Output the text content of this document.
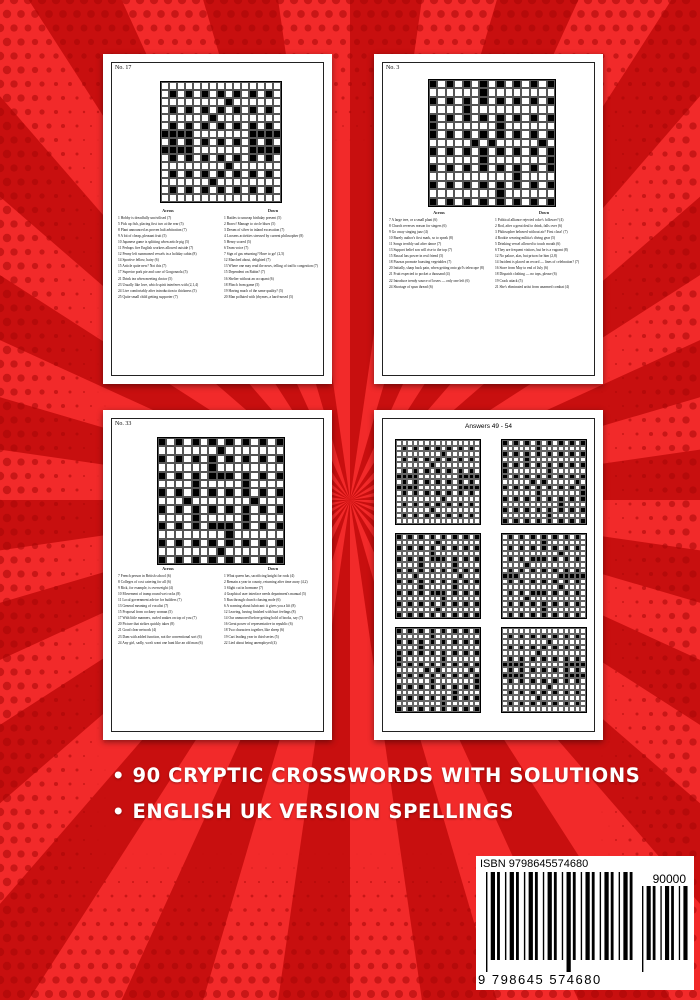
No. 17
Across
1 Hobby is dreadfully uncivilised (7)
5 Pick up fish, placing first two at the rear (5)
8 Plant announced as proven halt arbitration (7)
9 A bit of cheap, pleasant fruit (5)
10 Japanese game is splitting when article pig (5)
11 Perhaps five English workers allowed outside (7)
12 Penny left summoned vessels in a holiday cabin (8)
14 Sportive fellow, hairy (6)
15 Article quite new? Not this (7)
17 Superior pork pie and case of Gorgonzola (5)
21 Drink tea when meeting doctor (5)
23 Usually like love, which spirit interferes with (2,1,4)
24 Live comfortably after introduction to thickness (5)
25 Quite small child getting supporter (7)
Down
1 Battles to unwrap birthday present (5)
2 Bravo! Manage to circle blues (5)
3 Dream of silver in inland excavation (7)
4 Loosens activities stressed by current philosopher (8)
5 Henry scored (5)
6 Team voice (7)
7 Sign of gas returning? Have to go! (2,5)
12 Marched about, delighted (7)
13 Where one may read the news, telling of traffic congestion (7)
15 Dependent on Rubin? (7)
16 Shelter without an occupant (6)
18 Flinch from game (5)
19 Having much of the same quality? (5)
20 Man polluted with (rhymes, a hard-nosed (5)
No. 3
Across
7 A large tree, or a small plant (6)
8 Church reverses reason for singers (6)
9 Go away singing jazz (4)
10 Barely author's first mark, so to speak (8)
11 Songs terribly sad after dance (7)
13 Support belief son will rise to the top (7)
15 Rascal has power in real friend (5)
18 Piazzas promote boasting vegetables (7)
20 Initially, sharp back pain, when getting onto girl's telescope (8)
21 Fruit expected to pocket a thousand (4)
22 Introduce trendy source of losers — only one left (6)
24 Shortage of spun thread (6)
Down
1 Political alliance rejected coke's follower? (4)
2 Rod, after a great deal to drink, falls over (6)
3 Philosopher behaved without air? First class! (7)
4 Rookie wearing militia's diving gear (5)
5 Drinking vessel allowed to touch mouth (6)
6 They are frequent visitors, but he is a vagrant (8)
12 No palace, alas, but prison for him (2,8)
14 Incident is placed on record — lines of celebration? (7)
16 Store from May to end of July (6)
18 Dispatch clothing — no tops, please (6)
19 Crack attack (5)
21 She's eliminated artist from unarmed combat (4)
No. 33
Across
7 French person in British school (6)
8 Colleges of cost catering for all (6)
9 Rick, for example, is overweight (4)
10 Movement of tramp round wet rocks (8)
11 Local government advice for builders (7)
13 General meaning of vocalist (7)
15 Proposal from cockney woman (5)
17 With little manners, curled snakes on top of you (7)
20 Picture that strikes quickly takes (8)
21 Good clear network (4)
23 Dam with added function, not the conventional sort (6)
24 Any girl, sadly, won't want one hunt like an old man (6)
Down
1 What queen has, sacrificing knight for rook (4)
2 Remain a year in county, returning after time away (4,2)
3 Slight cut in hormone (7)
4 Graphical user interface needs department's manual (5)
5 Run through church chasing mole (6)
6 A warning about lubricant: it gives you a lift (8)
12 Leaving, having finished with hurt feelings (8)
14 Our unmoored before getting hold of books, say (7)
16 Great power of representative in republic (6)
18 Two characters together, like sheep (6)
19 Cart leading year in third series (5)
22 Lied about being unemployed (4)
Answers 49 - 54
• 90 CRYPTIC CROSSWORDS WITH SOLUTIONS
• ENGLISH UK VERSION SPELLINGS
ISBN 9798645574680
90000
9 798645 574680
